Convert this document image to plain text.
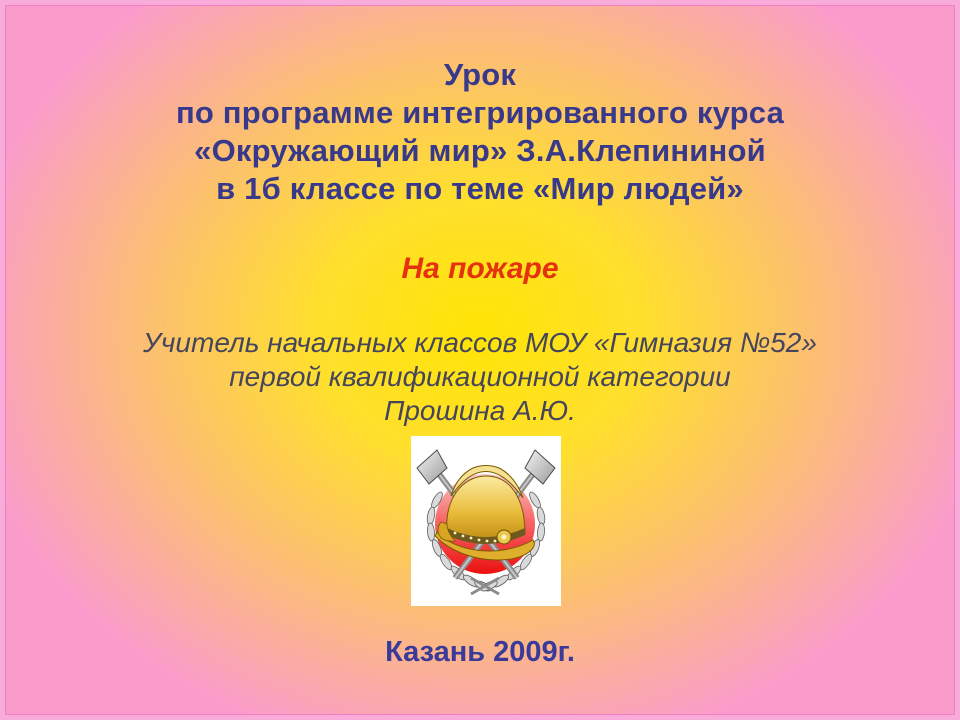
Урок
по программе интегрированного курса
«Окружающий мир» З.А.Клепининой
в 1б классе по теме «Мир людей»
На пожаре
Учитель начальных классов МОУ «Гимназия №52»
первой квалификационной категории
Прошина А.Ю.
Казань 2009г.
